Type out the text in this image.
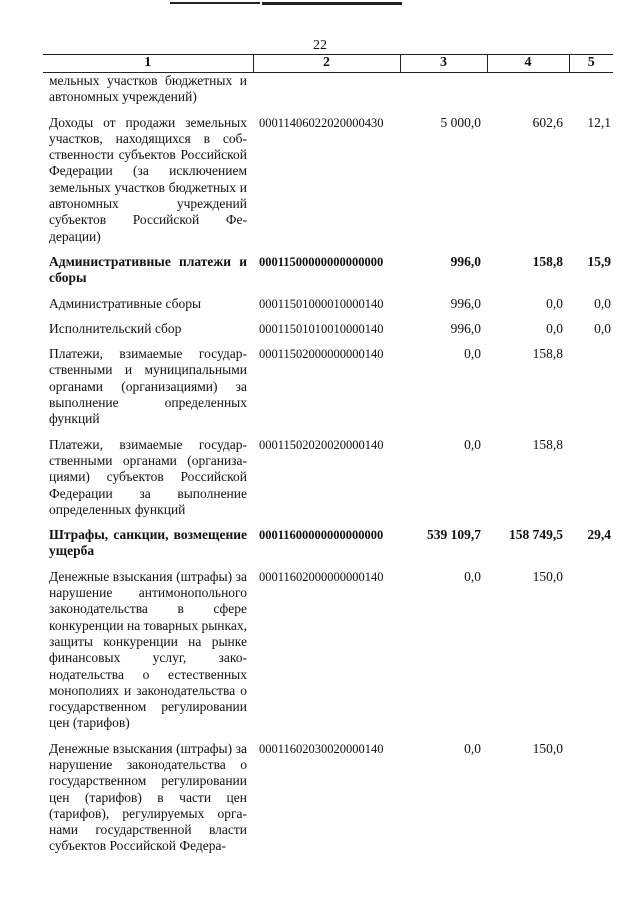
22
1	2	3	4	5
мельных участков бюджетных и автономных учреждений)				
Доходы от продажи земельных участков, находящихся в собственности субъектов Российской Федерации (за исключением земельных участков бюджетных и автономных учреждений субъектов Российской Федерации)	00011406022020000430	5 000,0	602,6	12,1
Административные платежи и сборы	00011500000000000000	996,0	158,8	15,9
Административные сборы	00011501000010000140	996,0	0,0	0,0
Исполнительский сбор	00011501010010000140	996,0	0,0	0,0
Платежи, взимаемые государственными и муниципальными органами (организациями) за выполнение определенных функций	00011502000000000140	0,0	158,8	
Платежи, взимаемые государственными органами (организациями) субъектов Российской Федерации за выполнение определенных функций	00011502020020000140	0,0	158,8	
Штрафы, санкции, возмещение ущерба	00011600000000000000	539 109,7	158 749,5	29,4
Денежные взыскания (штрафы) за нарушение антимонопольного законодательства в сфере конкуренции на товарных рынках, защиты конкуренции на рынке финансовых услуг, законодательства о естественных монополиях и законодательства о государственном регулировании цен (тарифов)	00011602000000000140	0,0	150,0	
Денежные взыскания (штрафы) за нарушение законодательства о государственном регулировании цен (тарифов) в части цен (тарифов), регулируемых органами государственной власти субъектов Российской Федера-	00011602030020000140	0,0	150,0	
